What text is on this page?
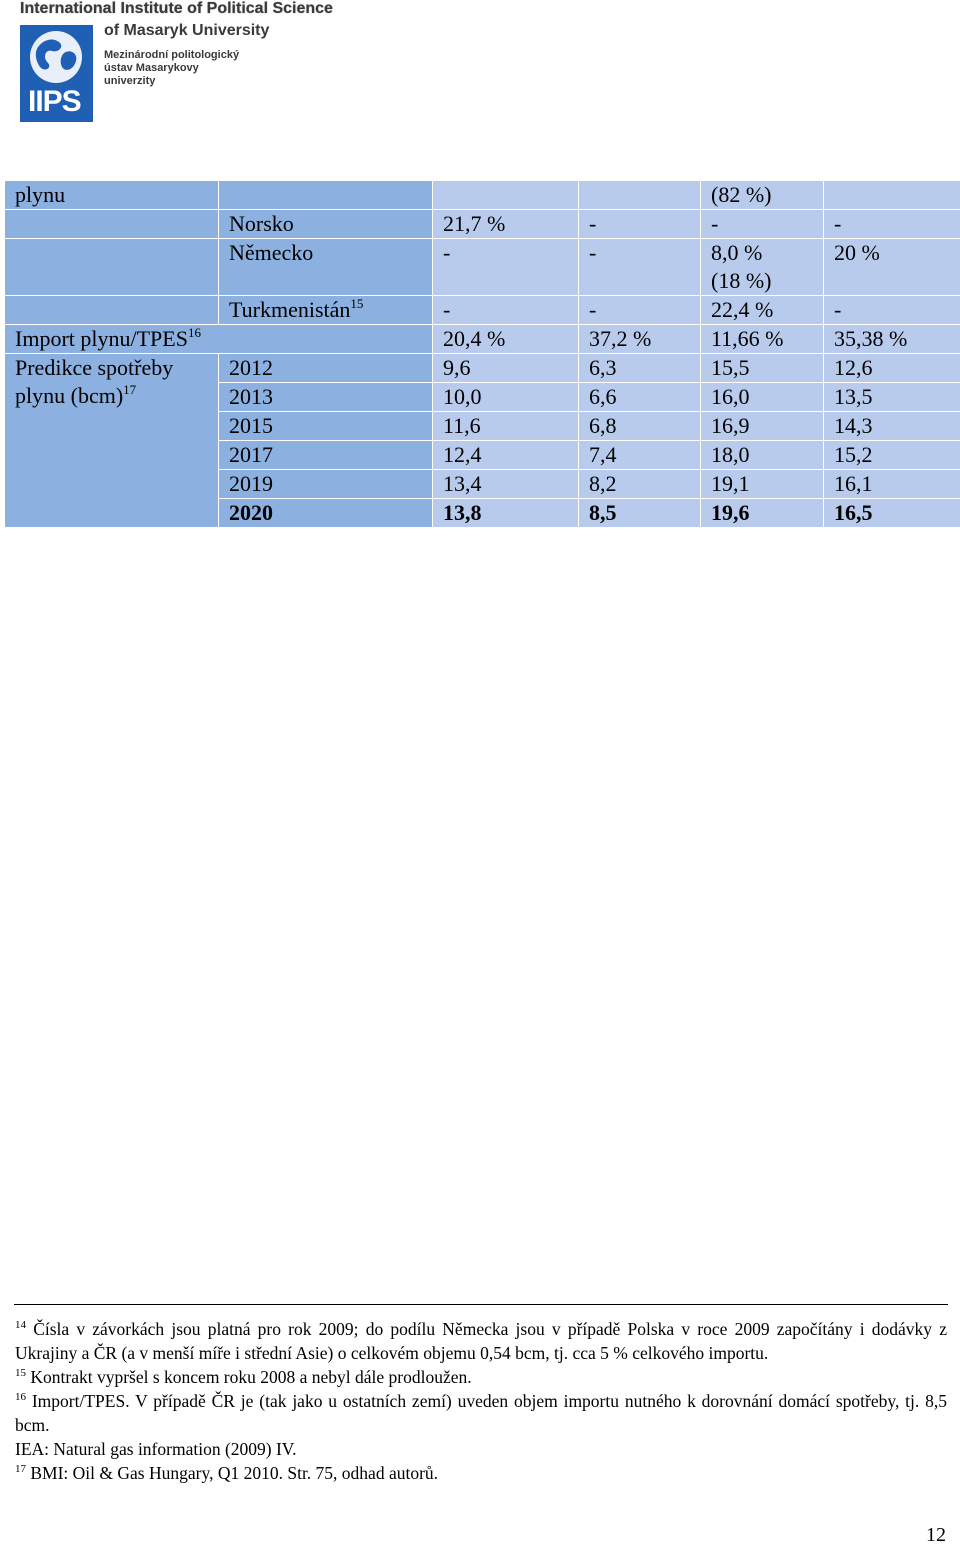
International Institute of Political Science
IIPS
of Masaryk University
Mezinárodní politologický
ústav Masarykovy
univerzity
plynu				(82 %)	
	Norsko	21,7 %	-	-	-
	Německo	-	-	8,0 % (18 %)	20 %
	Turkmenistán$^{15}$	-	-	22,4 %	-
Import plynu/TPES$^{16}$		20,4 %	37,2 %	11,66 %	35,38 %
Predikce spotřeby plynu (bcm)$^{17}$	2012	9,6	6,3	15,5	12,6
	2013	10,0	6,6	16,0	13,5
	2015	11,6	6,8	16,9	14,3
	2017	12,4	7,4	18,0	15,2
	2019	13,4	8,2	19,1	16,1
	2020	13,8	8,5	19,6	16,5

$^{14}$ Čísla v závorkách jsou platná pro rok 2009; do podílu Německa jsou v případě Polska v roce 2009 započítány i dodávky z Ukrajiny a ČR (a v menší míře i střední Asie) o celkovém objemu 0,54 bcm, tj. cca 5 % celkového importu.

$^{15}$ Kontrakt vypršel s koncem roku 2008 a nebyl dále prodloužen.

$^{16}$ Import/TPES. V případě ČR je (tak jako u ostatních zemí) uveden objem importu nutného k dorovnání domácí spotřeby, tj. 8,5 bcm.

IEA: Natural gas information (2009) IV.

$^{17}$ BMI: Oil & Gas Hungary, Q1 2010. Str. 75, odhad autorů.

12
